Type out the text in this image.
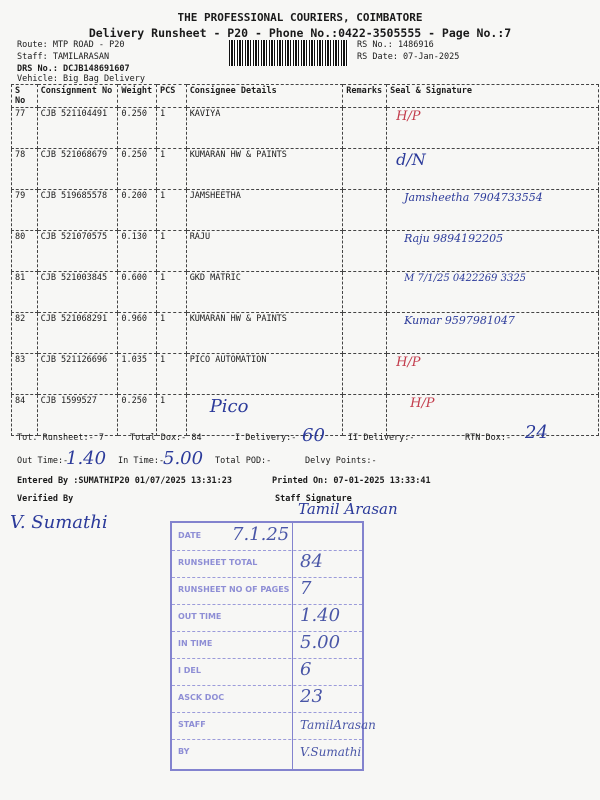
THE PROFESSIONAL COURIERS, COIMBATORE
Delivery Runsheet - P20 - Phone No.:0422-3505555 - Page No.:7
Route: MTP ROAD - P20
Staff: TAMILARASAN
DRS No.: DCJB148691607
Vehicle: Big Bag Delivery
RS No.: 1486916
RS Date: 07-Jan-2025
S No	Consignment No	Weight	PCS	Consignee Details	Remarks	Seal & Signature
77	CJB 521104491	0.250	1	KAVIYA		H/P
78	CJB 521068679	0.250	1	KUMARAN HW & PAINTS		d/N
79	CJB 519685578	0.200	1	JAMSHEETHA		Jamsheetha 7904733554
80	CJB 521070575	0.130	1	RAJU		Raju 9894192205
81	CJB 521003845	0.600	1	GKD MATRIC		M 7/1/25 0422269 3325
82	CJB 521068291	0.960	1	KUMARAN HW & PAINTS		Kumar 9597981047
83	CJB 521126696	1.035	1	PICO AUTOMATION		H/P
84	CJB 1599527	0.250	1	Pico		H/P
Tot. Runsheet:- 7	Total Dox:- 84	I Delivery:- 60	II Delivery:-	RTN Dox:- 24
Out Time:-
1.40 In Time:-
5.00 Total POD:-	Delvy Points:-
Entered By :SUMATHIP20 01/07/2025 13:31:23	Printed On: 07-01-2025 13:33:41
Verified By	Staff Signature
Tamil Arasan
V. Sumathi
DATE 7.1.25
RUNSHEET TOTAL 84
RUNSHEET NO OF PAGES 7
OUT TIME	1.40
IN TIME	5.00
I DEL	6
ASCK DOC	23
STAFF	TamilArasan
BY	V.Sumathi
